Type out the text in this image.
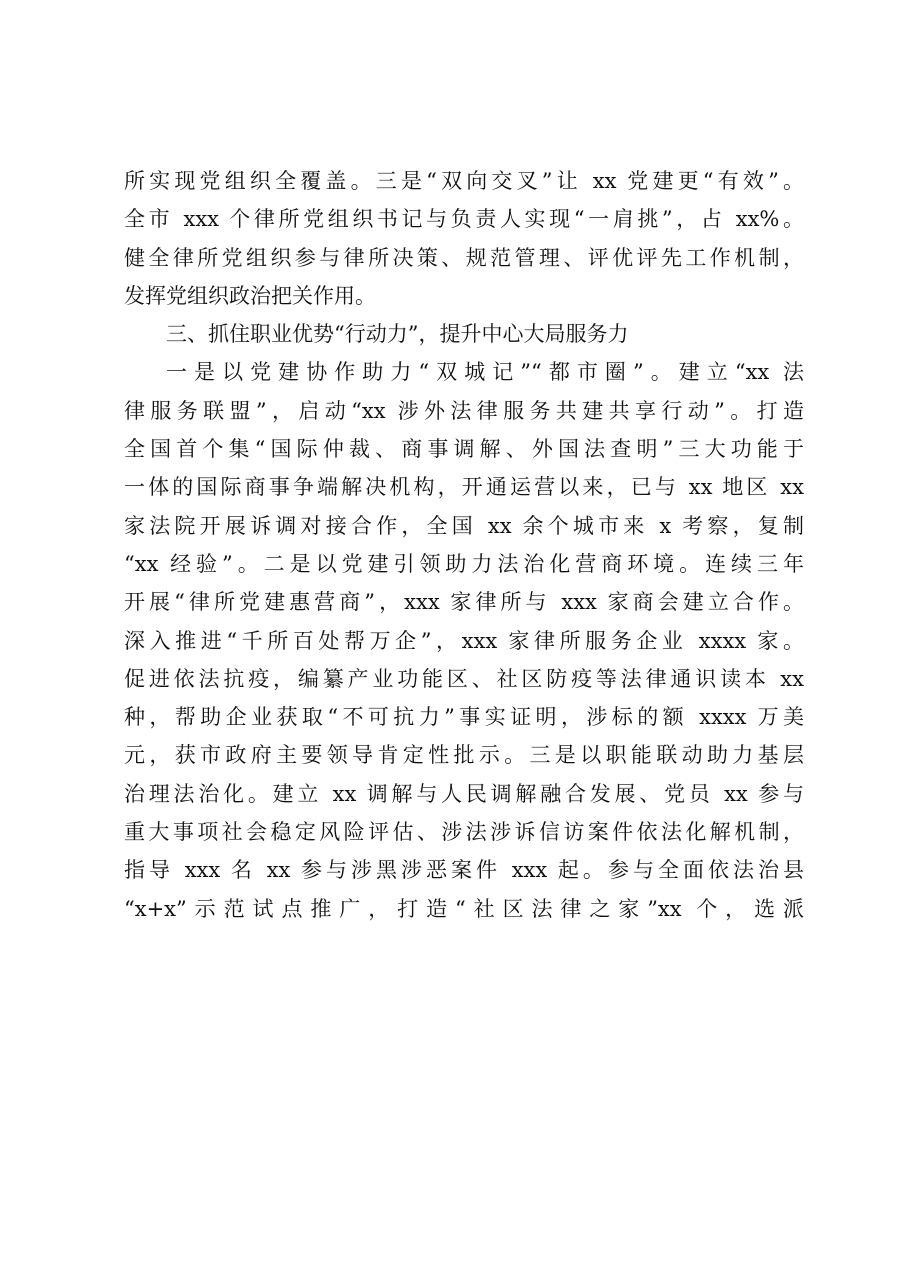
所实现党组织全覆盖。三是“双向交叉”让 xx 党建更“有效”。
全市 xxx 个律所党组织书记与负责人实现“一肩挑”，占 xx%。
健全律所党组织参与律所决策、规范管理、评优评先工作机制，
发挥党组织政治把关作用。
三、抓住职业优势“行动力”，提升中心大局服务力
一是以党建协作助力“双城记”“都市圈”。建立“xx 法
律服务联盟”，启动“xx 涉外法律服务共建共享行动”。打造
全国首个集“国际仲裁、商事调解、外国法查明”三大功能于
一体的国际商事争端解决机构，开通运营以来，已与 xx 地区 xx
家法院开展诉调对接合作，全国 xx 余个城市来 x 考察，复制
“xx 经验”。二是以党建引领助力法治化营商环境。连续三年
开展“律所党建惠营商”，xxx 家律所与 xxx 家商会建立合作。
深入推进“千所百处帮万企”，xxx 家律所服务企业 xxxx 家。
促进依法抗疫，编纂产业功能区、社区防疫等法律通识读本 xx
种，帮助企业获取“不可抗力”事实证明，涉标的额 xxxx 万美
元，获市政府主要领导肯定性批示。三是以职能联动助力基层
治理法治化。建立 xx 调解与人民调解融合发展、党员 xx 参与
重大事项社会稳定风险评估、涉法涉诉信访案件依法化解机制，
指导 xxx 名 xx 参与涉黑涉恶案件 xxx 起。参与全面依法治县
“x+x”示范试点推广，打造“社区法律之家”xx 个，选派
